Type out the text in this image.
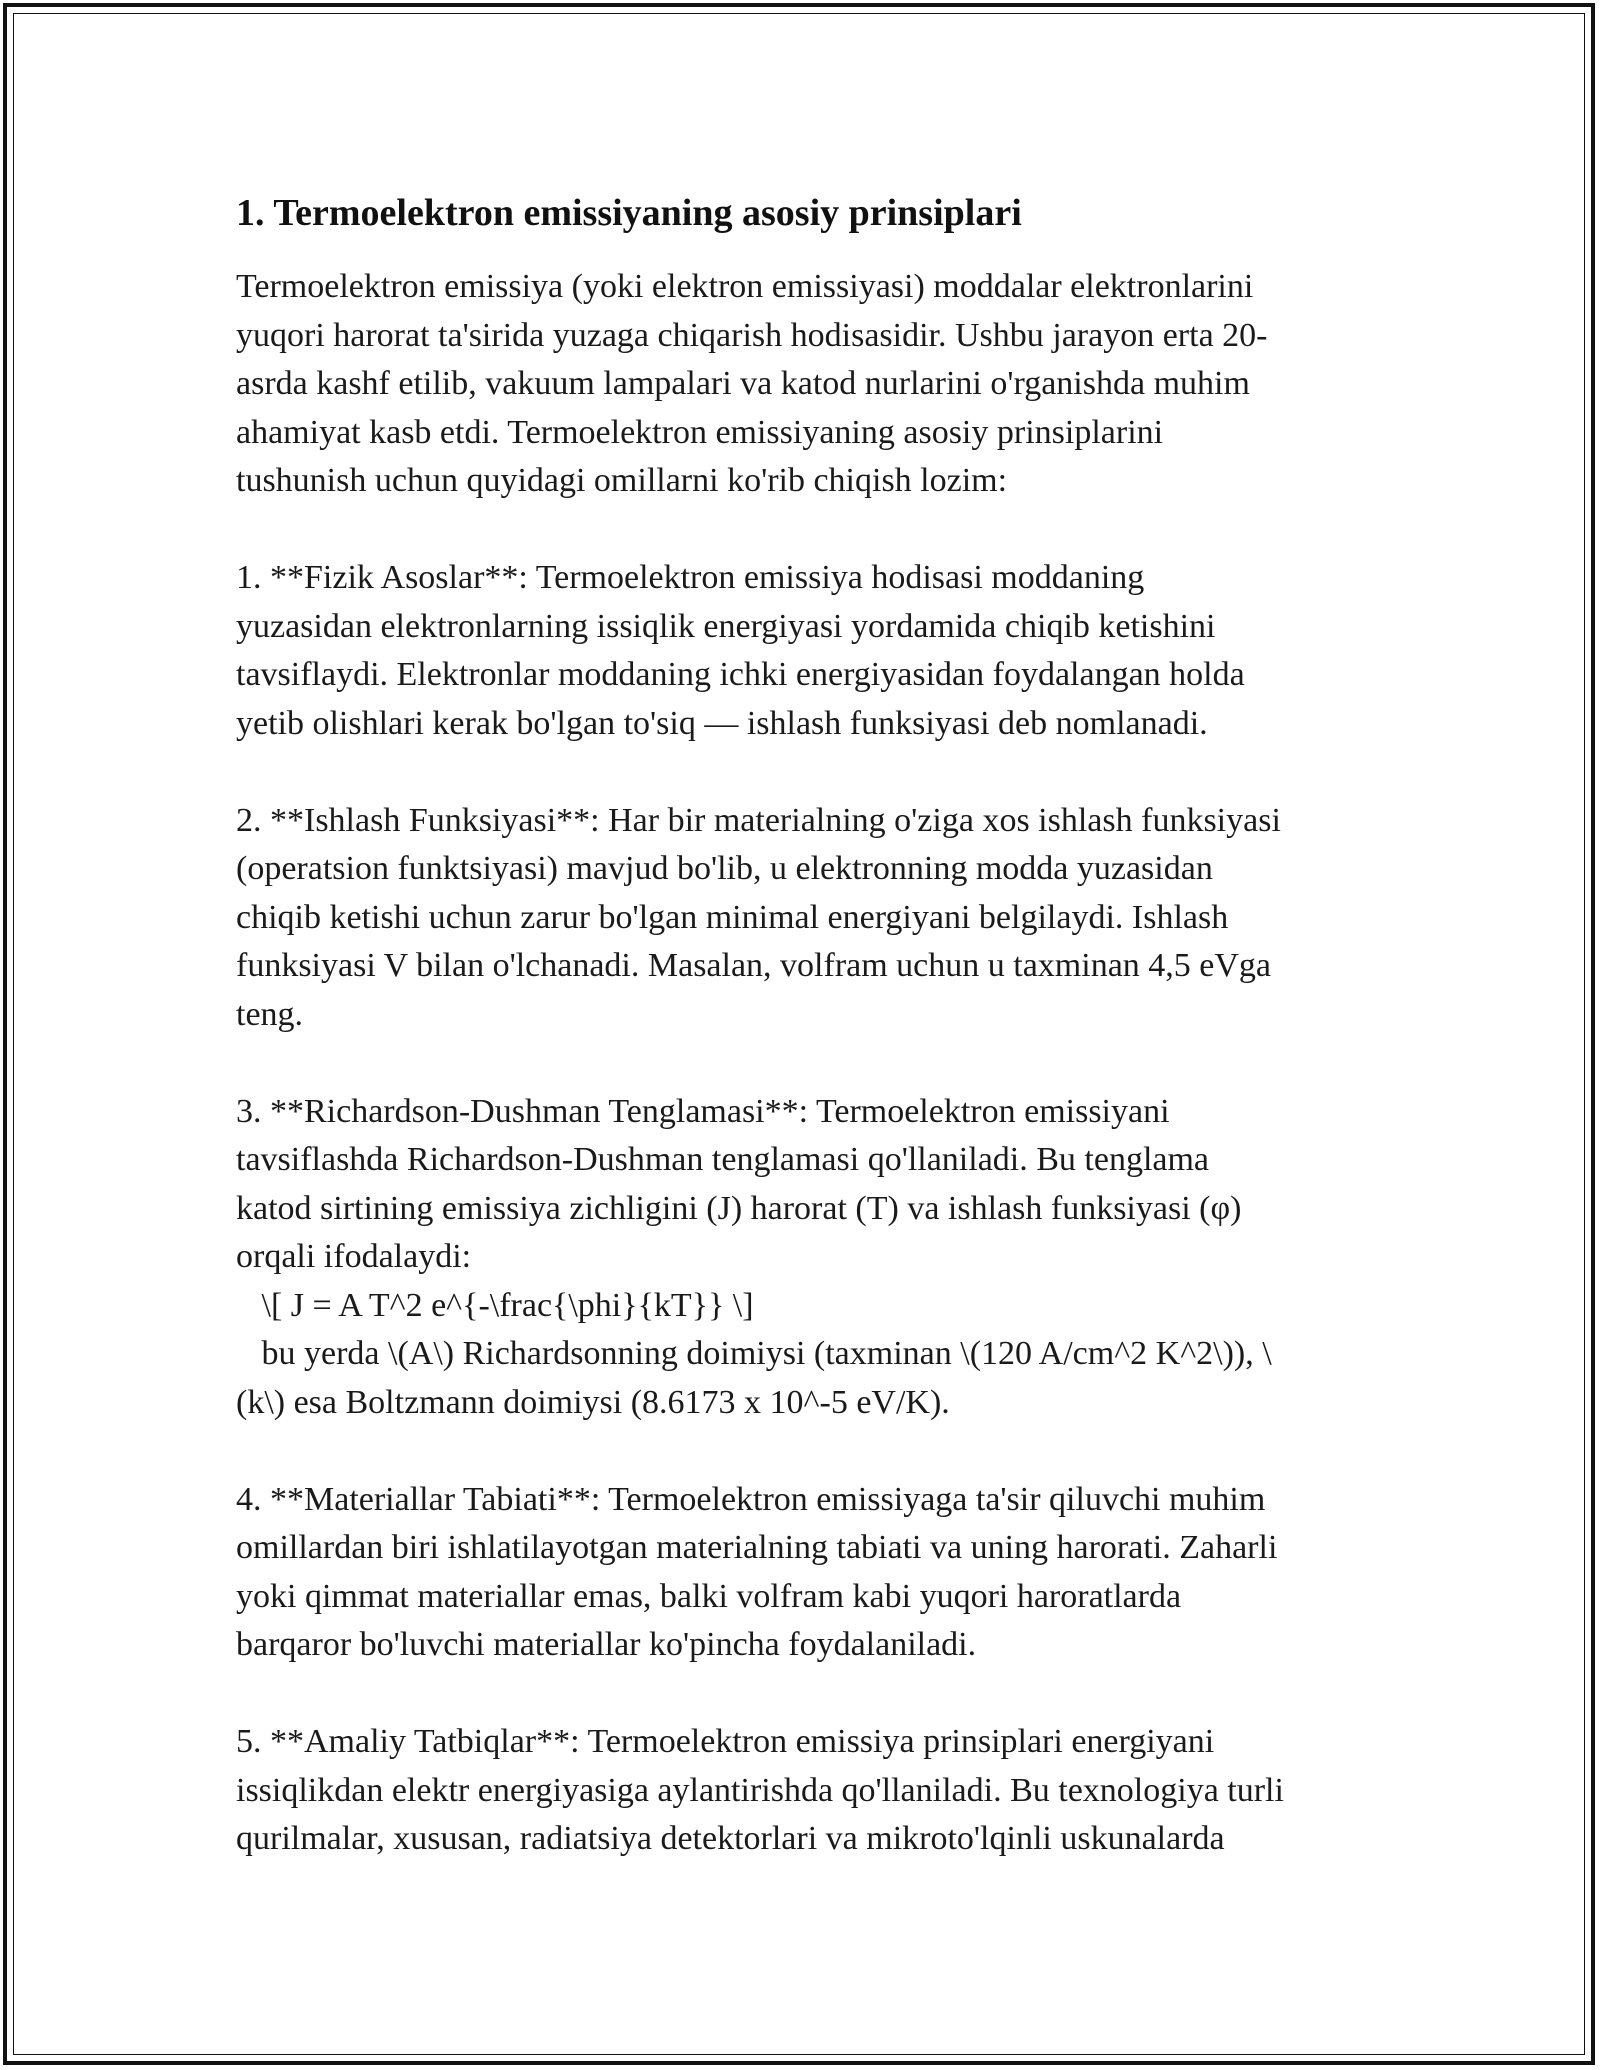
1. Termoelektron emissiyaning asosiy prinsiplari
Termoelektron emissiya (yoki elektron emissiyasi) moddalar elektronlarini
yuqori harorat ta'sirida yuzaga chiqarish hodisasidir. Ushbu jarayon erta 20-
asrda kashf etilib, vakuum lampalari va katod nurlarini o'rganishda muhim
ahamiyat kasb etdi. Termoelektron emissiyaning asosiy prinsiplarini
tushunish uchun quyidagi omillarni ko'rib chiqish lozim:
1. **Fizik Asoslar**: Termoelektron emissiya hodisasi moddaning
yuzasidan elektronlarning issiqlik energiyasi yordamida chiqib ketishini
tavsiflaydi. Elektronlar moddaning ichki energiyasidan foydalangan holda
yetib olishlari kerak bo'lgan to'siq — ishlash funksiyasi deb nomlanadi.
2. **Ishlash Funksiyasi**: Har bir materialning o'ziga xos ishlash funksiyasi
(operatsion funktsiyasi) mavjud bo'lib, u elektronning modda yuzasidan
chiqib ketishi uchun zarur bo'lgan minimal energiyani belgilaydi. Ishlash
funksiyasi V bilan o'lchanadi. Masalan, volfram uchun u taxminan 4,5 eVga
teng.
3. **Richardson-Dushman Tenglamasi**: Termoelektron emissiyani
tavsiflashda Richardson-Dushman tenglamasi qo'llaniladi. Bu tenglama
katod sirtining emissiya zichligini (J) harorat (T) va ishlash funksiyasi (φ)
orqali ifodalaydi:
\[ J = A T^2 e^{-\frac{\phi}{kT}} \]
bu yerda \(A\) Richardsonning doimiysi (taxminan \(120 A/cm^2 K^2\)), \
(k\) esa Boltzmann doimiysi (8.6173 x 10^-5 eV/K).
4. **Materiallar Tabiati**: Termoelektron emissiyaga ta'sir qiluvchi muhim
omillardan biri ishlatilayotgan materialning tabiati va uning harorati. Zaharli
yoki qimmat materiallar emas, balki volfram kabi yuqori haroratlarda
barqaror bo'luvchi materiallar ko'pincha foydalaniladi.
5. **Amaliy Tatbiqlar**: Termoelektron emissiya prinsiplari energiyani
issiqlikdan elektr energiyasiga aylantirishda qo'llaniladi. Bu texnologiya turli
qurilmalar, xususan, radiatsiya detektorlari va mikroto'lqinli uskunalarda
